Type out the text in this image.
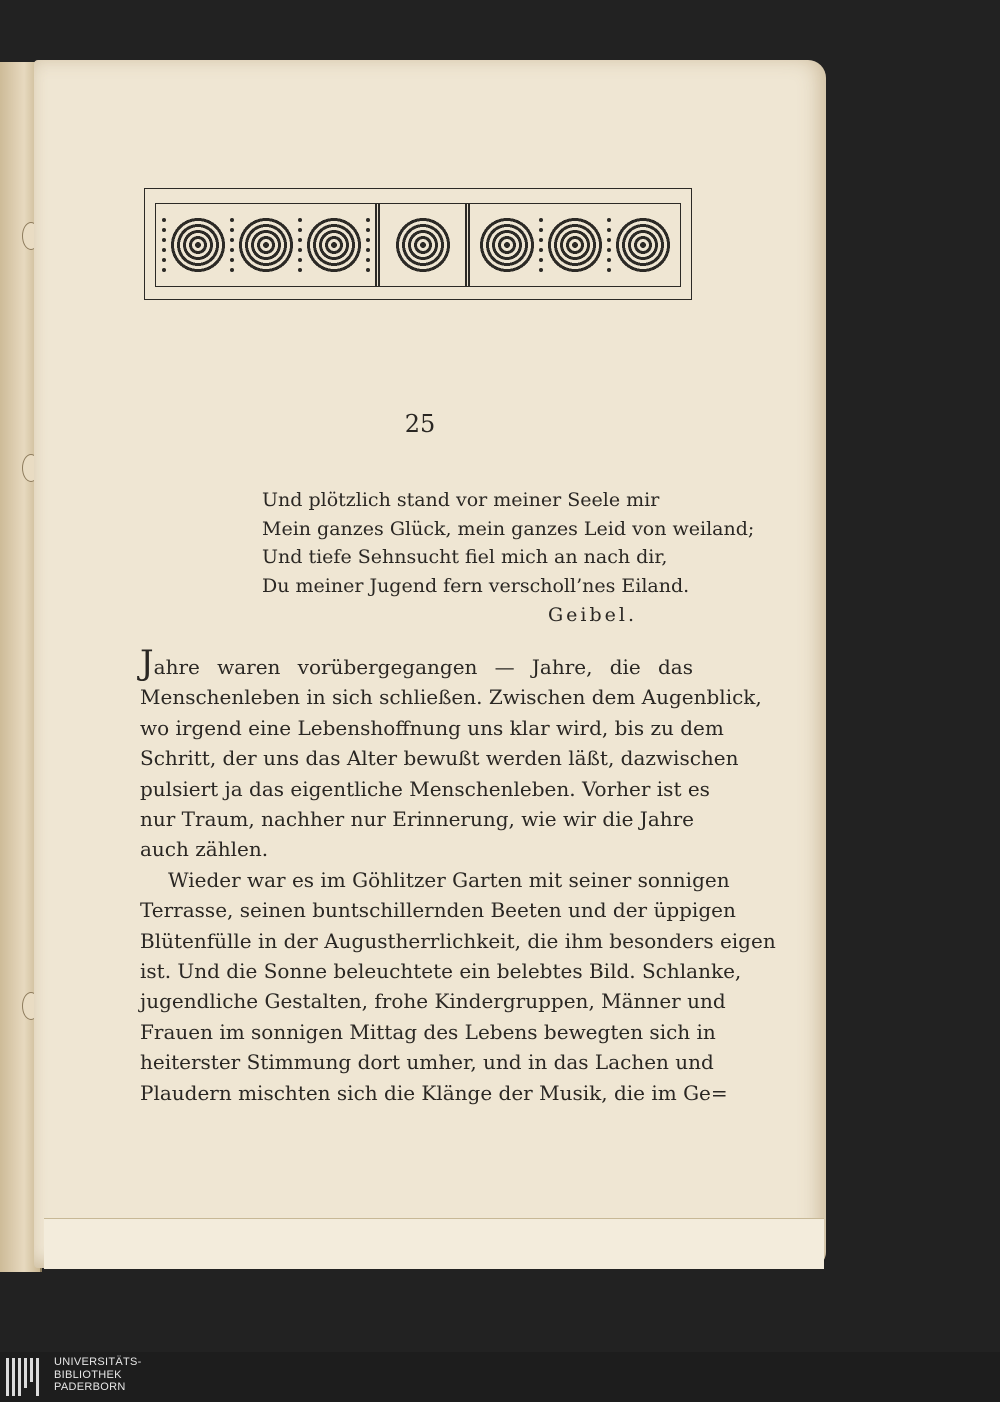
25
Und plötzlich stand vor meiner Seele mir
Mein ganzes Glück, mein ganzes Leid von weiland;
Und tiefe Sehnsucht fiel mich an nach dir,
Du meiner Jugend fern verscholl’nes Eiland.
Geibel.
Jahre waren vorübergegangen — Jahre, die das
Menschenleben in sich schließen. Zwischen dem Augenblick,
wo irgend eine Lebenshoffnung uns klar wird, bis zu dem
Schritt, der uns das Alter bewußt werden läßt, dazwischen
pulsiert ja das eigentliche Menschenleben. Vorher ist es
nur Traum, nachher nur Erinnerung, wie wir die Jahre
auch zählen.
Wieder war es im Göhlitzer Garten mit seiner sonnigen
Terrasse, seinen buntschillernden Beeten und der üppigen
Blütenfülle in der Augustherrlichkeit, die ihm besonders eigen
ist. Und die Sonne beleuchtete ein belebtes Bild. Schlanke,
jugendliche Gestalten, frohe Kindergruppen, Männer und
Frauen im sonnigen Mittag des Lebens bewegten sich in
heiterster Stimmung dort umher, und in das Lachen und
Plaudern mischten sich die Klänge der Musik, die im Ge=
UNIVERSITÄTS-
BIBLIOTHEK
PADERBORN
